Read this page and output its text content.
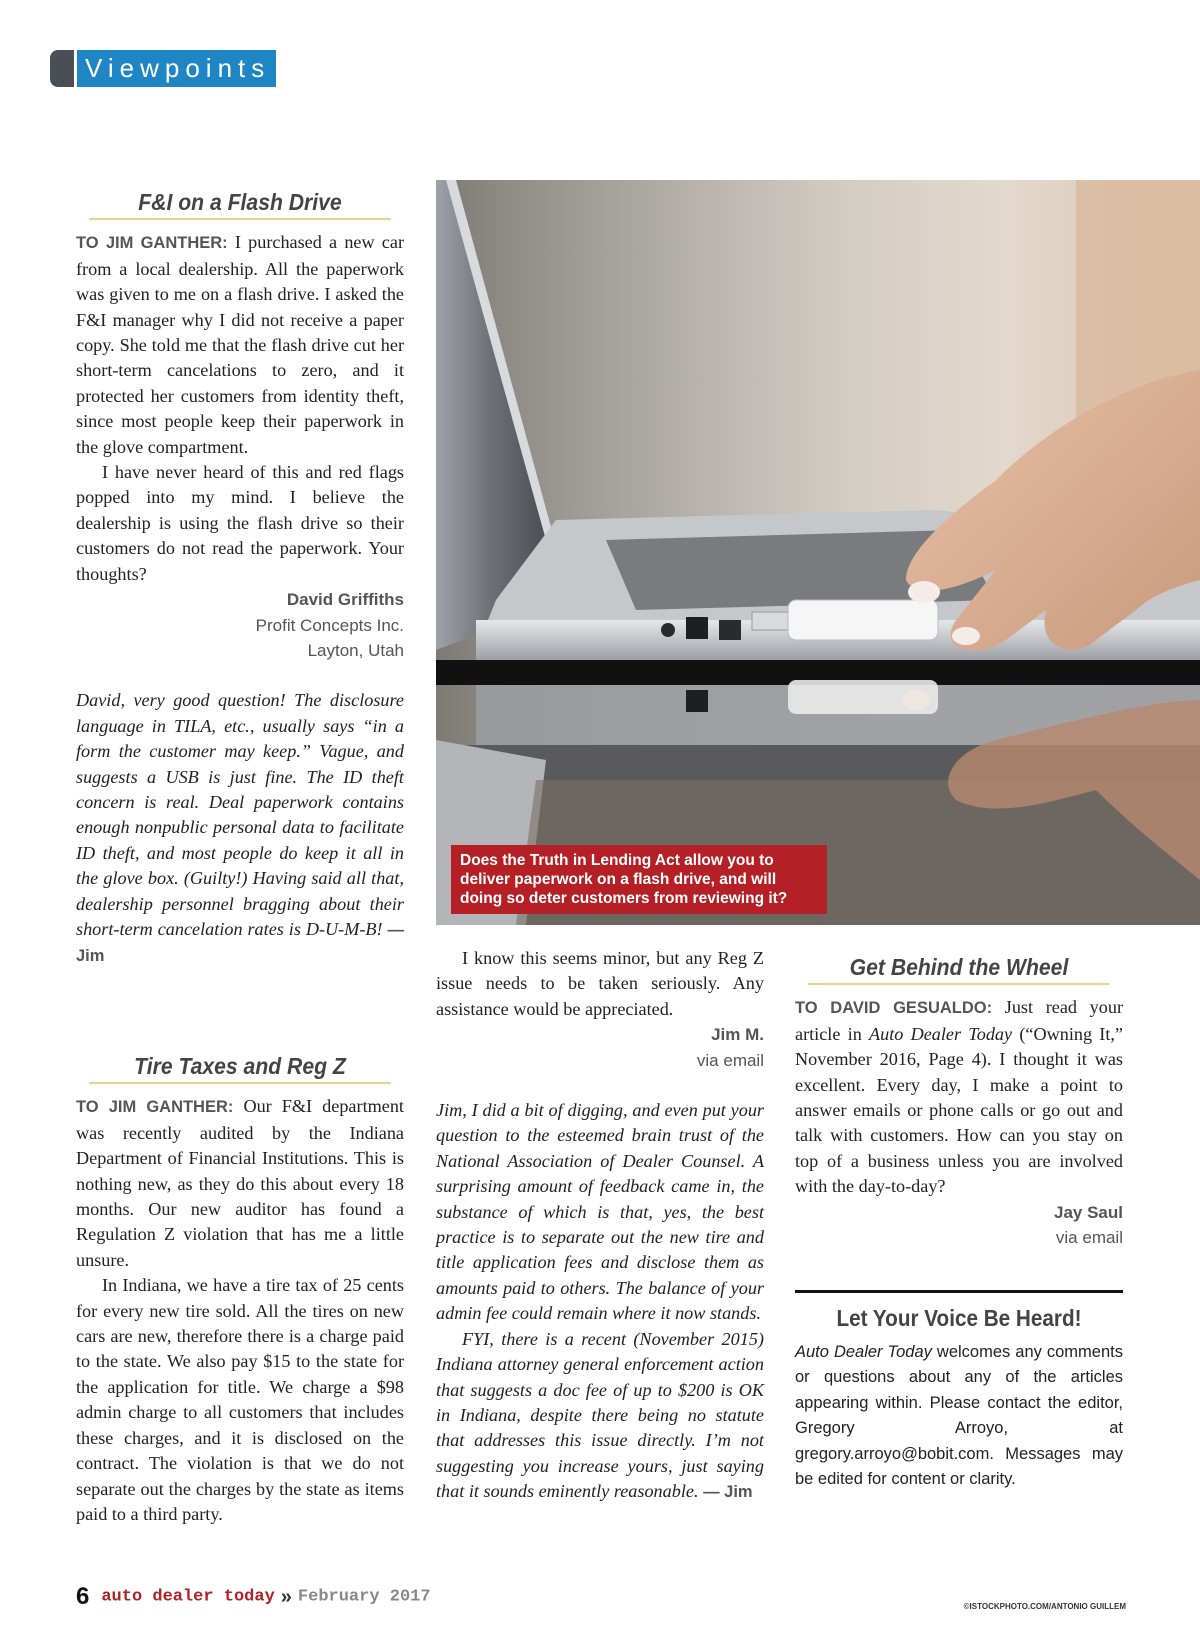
Viewpoints
F&I on a Flash Drive

TO JIM GANTHER: I purchased a new car from a local dealership. All the paperwork was given to me on a flash drive. I asked the F&I manager why I did not receive a paper copy. She told me that the flash drive cut her short-term cancelations to zero, and it protected her customers from identity theft, since most people keep their paperwork in the glove compartment.

I have never heard of this and red flags popped into my mind. I believe the dealership is using the flash drive so their customers do not read the paperwork. Your thoughts?

David Griffiths
Profit Concepts Inc.
Layton, Utah

David, very good question! The disclosure language in TILA, etc., usually says “in a form the customer may keep.” Vague, and suggests a USB is just fine. The ID theft concern is real. Deal paperwork contains enough nonpublic personal data to facilitate ID theft, and most people do keep it all in the glove box. (Guilty!) Having said all that, dealership personnel bragging about their short-term cancelation rates is D-U-M-B! — Jim

Tire Taxes and Reg Z

TO JIM GANTHER: Our F&I department was recently audited by the Indiana Department of Financial Institutions. This is nothing new, as they do this about every 18 months. Our new auditor has found a Regulation Z violation that has me a little unsure.

In Indiana, we have a tire tax of 25 cents for every new tire sold. All the tires on new cars are new, therefore there is a charge paid to the state. We also pay $15 to the state for the application for title. We charge a $98 admin charge to all customers that includes these charges, and it is disclosed on the contract. The violation is that we do not separate out the charges by the state as items paid to a third party.

Does the Truth in Lending Act allow you to deliver paperwork on a flash drive, and will doing so deter customers from reviewing it?

I know this seems minor, but any Reg Z issue needs to be taken seriously. Any assistance would be appreciated.

Jim M.
via email

Jim, I did a bit of digging, and even put your question to the esteemed brain trust of the National Association of Dealer Counsel. A surprising amount of feedback came in, the substance of which is that, yes, the best practice is to separate out the new tire and title application fees and disclose them as amounts paid to others. The balance of your admin fee could remain where it now stands.

FYI, there is a recent (November 2015) Indiana attorney general enforcement action that suggests a doc fee of up to $200 is OK in Indiana, despite there being no statute that addresses this issue directly. I’m not suggesting you increase yours, just saying that it sounds eminently reasonable. — Jim

Get Behind the Wheel

TO DAVID GESUALDO: Just read your article in Auto Dealer Today (“Owning It,” November 2016, Page 4). I thought it was excellent. Every day, I make a point to answer emails or phone calls or go out and talk with customers. How can you stay on top of a business unless you are involved with the day-to-day?

Jay Saul
via email
Let Your Voice Be Heard!
Auto Dealer Today welcomes any comments or questions about any of the articles appearing within. Please contact the editor, Gregory Arroyo, at gregory.arroyo@bobit.com. Messages may be edited for content or clarity.
6 auto dealer today » February 2017	©ISTOCKPHOTO.COM/ANTONIO GUILLEM
